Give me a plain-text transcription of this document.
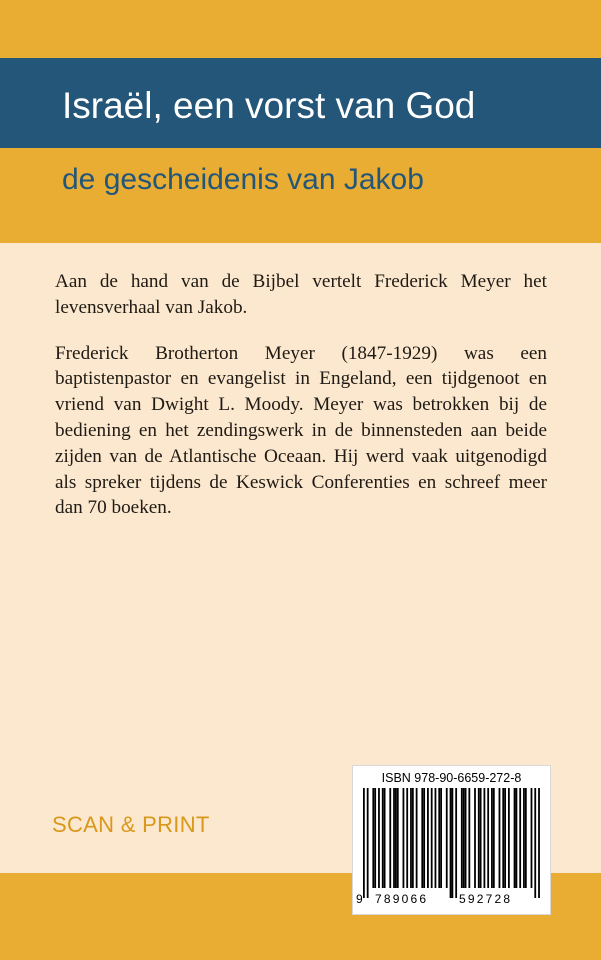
Israël, een vorst van God
de gescheidenis van Jakob

Aan de hand van de Bijbel vertelt Frederick Meyer het levensverhaal van Jakob.

Frederick Brotherton Meyer (1847-1929) was een baptistenpastor en evangelist in Engeland, een tijdgenoot en vriend van Dwight L. Moody. Meyer was betrokken bij de bediening en het zendingswerk in de binnensteden aan beide zijden van de Atlantische Oceaan. Hij werd vaak uitgenodigd als spreker tijdens de Keswick Conferenties en schreef meer dan 70 boeken.

SCAN & PRINT
ISBN 978-90-6659-272-8
9 789066	592728
